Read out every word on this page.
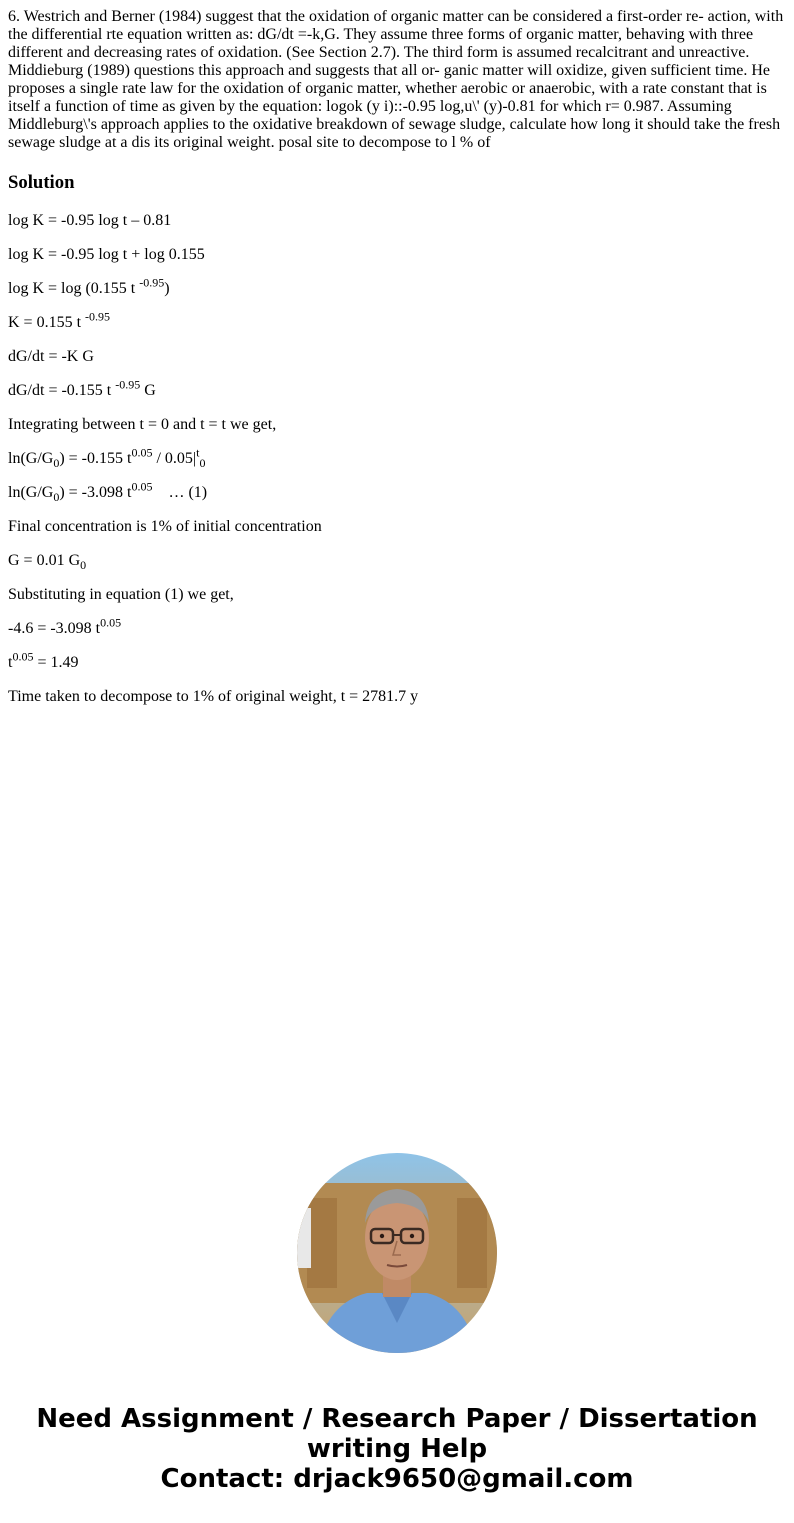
6. Westrich and Berner (1984) suggest that the oxidation of organic matter can be considered a first-order re- action, with the differential rte equation written as: dG/dt =-k,G. They assume three forms of organic matter, behaving with three different and decreasing rates of oxidation. (See Section 2.7). The third form is assumed recalcitrant and unreactive. Middieburg (1989) questions this approach and suggests that all or- ganic matter will oxidize, given sufficient time. He proposes a single rate law for the oxidation of organic matter, whether aerobic or anaerobic, with a rate constant that is itself a function of time as given by the equation: logok (y i)::-0.95 log,u\' (y)-0.81 for which r= 0.987. Assuming Middleburg\'s approach applies to the oxidative breakdown of sewage sludge, calculate how long it should take the fresh sewage sludge at a dis its original weight. posal site to decompose to l % of

Solution

log K = -0.95 log t – 0.81

log K = -0.95 log t + log 0.155

log K = log (0.155 t $^{-0.95}$)

K = 0.155 t $^{-0.95}$

dG/dt = -K G

dG/dt = -0.155 t $^{-0.95}$ G

Integrating between t = 0 and t = t we get,

$\ln(G/G_0) = -0.155$ $t^{0.05} / 0.05|^t_0$

$\ln(G/G_0) = -3.098$ $t^{0.05}$    … (1)

Final concentration is 1% of initial concentration

G = 0.01 $G_0$

Substituting in equation (1) we get,

-4.6 = -3.098 $t^{0.05}$

$t^{0.05} = 1.49$

Time taken to decompose to 1% of original weight, t = 2781.7 y

Need Assignment / Research Paper / Dissertation
writing Help
Contact: drjack9650@gmail.com
